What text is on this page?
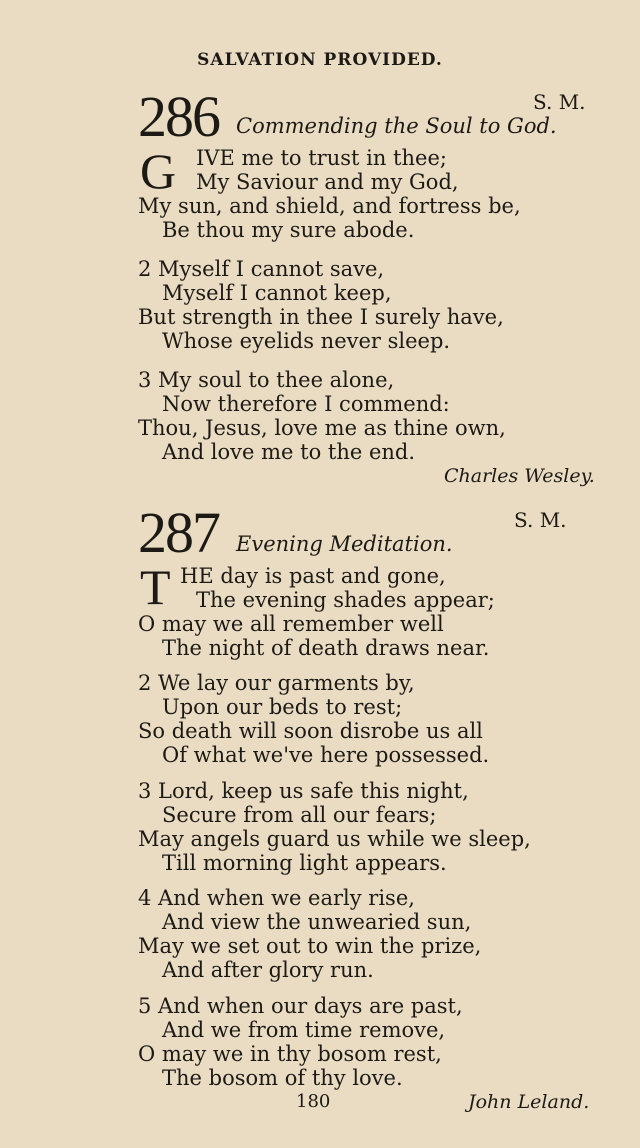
SALVATION PROVIDED.
286	S. M.
Commending the Soul to God.
G IVE me to trust in thee;
My Saviour and my God,
My sun, and shield, and fortress be,
Be thou my sure abode.
2 Myself I cannot save,
Myself I cannot keep,
But strength in thee I surely have,
Whose eyelids never sleep.
3 My soul to thee alone,
Now therefore I commend:
Thou, Jesus, love me as thine own,
And love me to the end.
Charles Wesley.
287	S. M.
Evening Meditation.
T HE day is past and gone,
The evening shades appear;
O may we all remember well
The night of death draws near.
2 We lay our garments by,
Upon our beds to rest;
So death will soon disrobe us all
Of what we've here possessed.
3 Lord, keep us safe this night,
Secure from all our fears;
May angels guard us while we sleep,
Till morning light appears.
4 And when we early rise,
And view the unwearied sun,
May we set out to win the prize,
And after glory run.
5 And when our days are past,
And we from time remove,
O may we in thy bosom rest,
The bosom of thy love.
180	John Leland.
